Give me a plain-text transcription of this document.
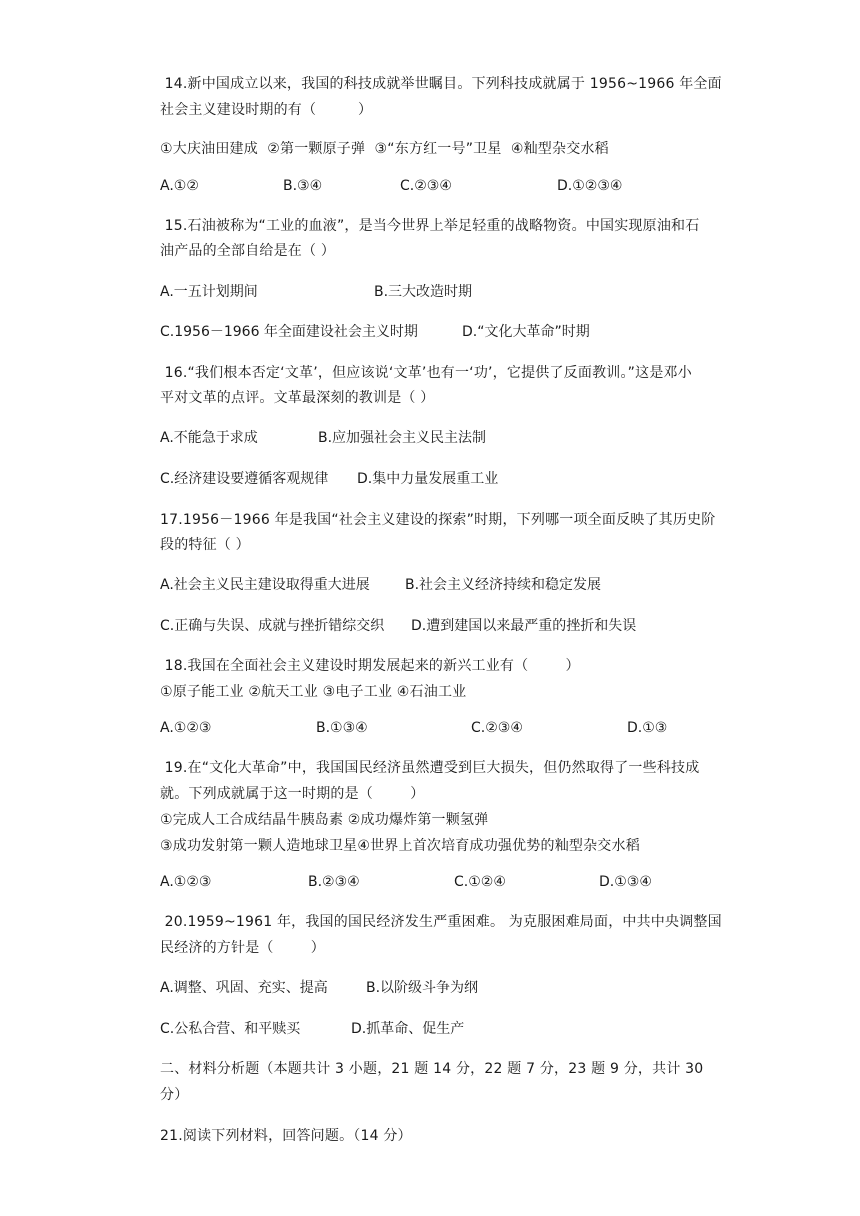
14.新中国成立以来，我国的科技成就举世瞩目。下列科技成就属于 1956~1966 年全面
社会主义建设时期的有（         ）
①大庆油田建成  ②第一颗原子弹  ③“东方红一号”卫星  ④籼型杂交水稻
A.①②	B.③④	C.②③④	D.①②③④
15.石油被称为“工业的血液”，是当今世界上举足轻重的战略物资。中国实现原油和石
油产品的全部自给是在（ ）
A.一五计划期间	B.三大改造时期
C.1956－1966 年全面建设社会主义时期	D.“文化大革命”时期
16.“我们根本否定‘文革’，但应该说‘文革’也有一‘功’，它提供了反面教训。”这是邓小
平对文革的点评。文革最深刻的教训是（ ）
A.不能急于求成	B.应加强社会主义民主法制
C.经济建设要遵循客观规律 D.集中力量发展重工业
17.1956－1966 年是我国“社会主义建设的探索”时期，下列哪一项全面反映了其历史阶
段的特征（ ）
A.社会主义民主建设取得重大进展	B.社会主义经济持续和稳定发展
C.正确与失误、成就与挫折错综交织 D.遭到建国以来最严重的挫折和失误
18.我国在全面社会主义建设时期发展起来的新兴工业有（        ）
①原子能工业 ②航天工业 ③电子工业 ④石油工业
A.①②③	B.①③④	C.②③④	D.①③
19.在“文化大革命”中，我国国民经济虽然遭受到巨大损失，但仍然取得了一些科技成
就。下列成就属于这一时期的是（        ）
①完成人工合成结晶牛胰岛素 ②成功爆炸第一颗氢弹
③成功发射第一颗人造地球卫星④世界上首次培育成功强优势的籼型杂交水稻
A.①②③	B.②③④	C.①②④	D.①③④
20.1959~1961 年，我国的国民经济发生严重困难。 为克服困难局面，中共中央调整国
民经济的方针是（        ）
A.调整、巩固、充实、提高	B.以阶级斗争为纲
C.公私合营、和平赎买	D.抓革命、促生产
二、材料分析题（本题共计 3 小题，21 题 14 分，22 题 7 分，23 题 9 分，共计 30
分）
21.阅读下列材料，回答问题。（14 分）
